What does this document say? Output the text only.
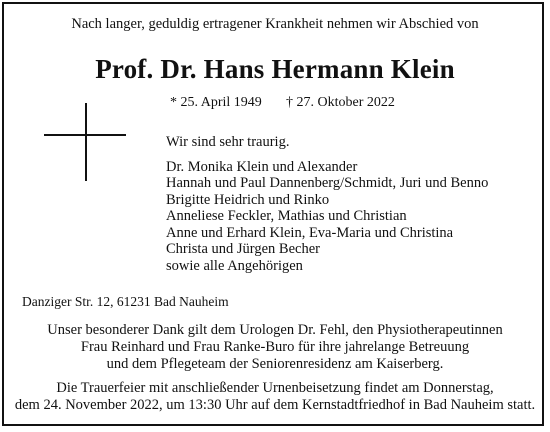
Nach langer, geduldig ertragener Krankheit nehmen wir Abschied von
Prof. Dr. Hans Hermann Klein
* 25. April 1949 † 27. Oktober 2022
Wir sind sehr traurig.
Dr. Monika Klein und Alexander
Hannah und Paul Dannenberg/Schmidt, Juri und Benno
Brigitte Heidrich und Rinko
Anneliese Feckler, Mathias und Christian
Anne und Erhard Klein, Eva-Maria und Christina
Christa und Jürgen Becher
sowie alle Angehörigen
Danziger Str. 12, 61231 Bad Nauheim
Unser besonderer Dank gilt dem Urologen Dr. Fehl, den Physiotherapeutinnen
Frau Reinhard und Frau Ranke-Buro für ihre jahrelange Betreuung
und dem Pflegeteam der Seniorenresidenz am Kaiserberg.
Die Trauerfeier mit anschließender Urnenbeisetzung findet am Donnerstag,
dem 24. November 2022, um 13:30 Uhr auf dem Kernstadtfriedhof in Bad Nauheim statt.
